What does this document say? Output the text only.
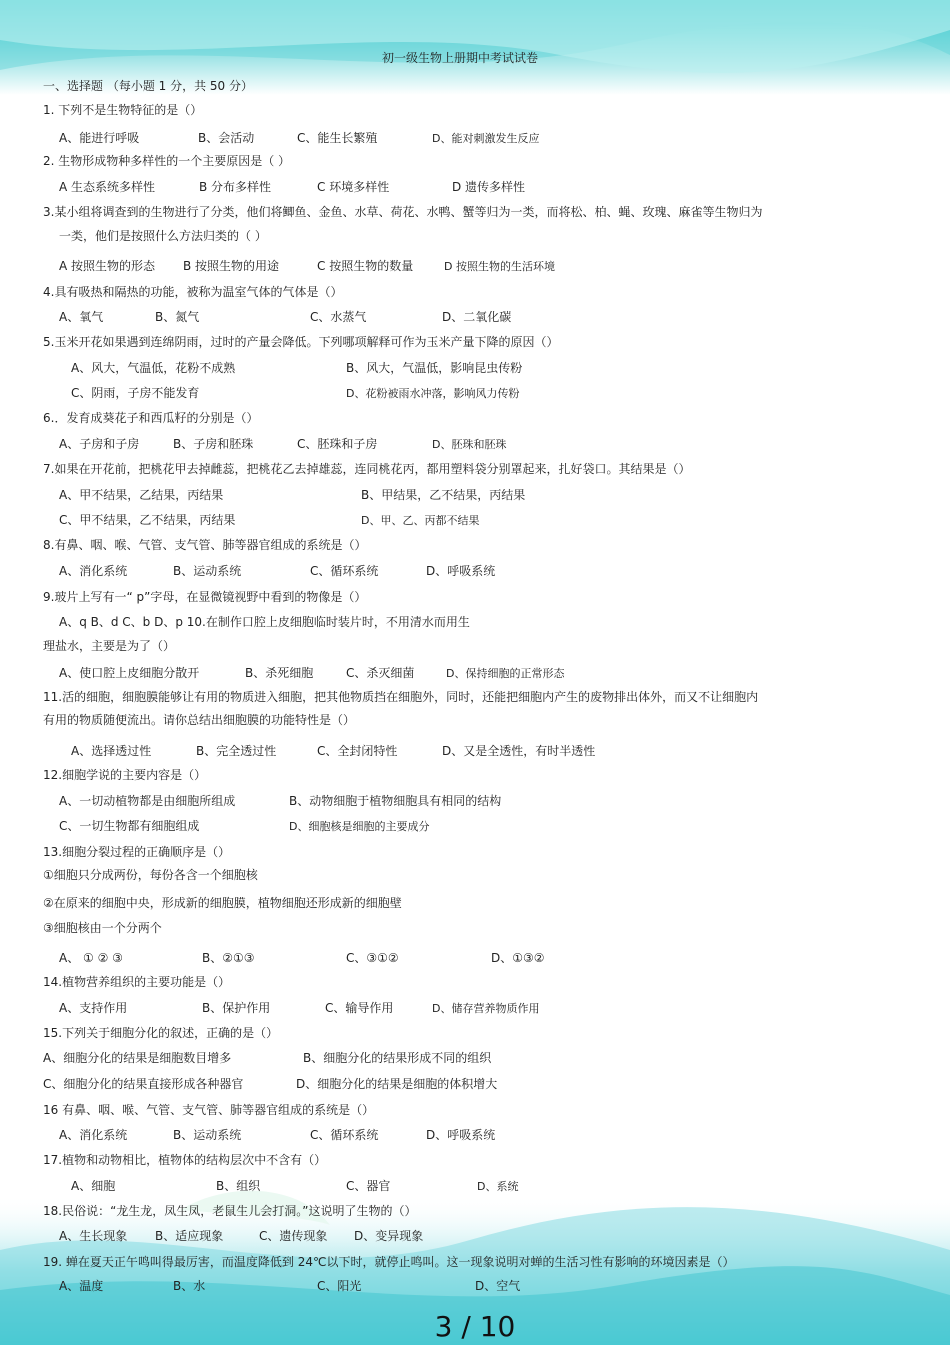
初一级生物上册期中考试试卷
一、选择题 （每小题 1 分，共 50 分）
1. 下列不是生物特征的是（）
A、能进行呼吸	B、会活动	C、能生长繁殖	D、能对刺激发生反应
2. 生物形成物种多样性的一个主要原因是（ ）
A 生态系统多样性	B 分布多样性	C 环境多样性	D 遗传多样性
3.某小组将调查到的生物进行了分类，他们将鲫鱼、金鱼、水草、荷花、水鸭、蟹等归为一类，而将松、柏、蝇、玫瑰、麻雀等生物归为
一类，他们是按照什么方法归类的（ ）
A 按照生物的形态 B 按照生物的用途	C 按照生物的数量	D 按照生物的生活环境
4.具有吸热和隔热的功能，被称为温室气体的气体是（）
A、氧气	B、氮气	C、水蒸气	D、二氧化碳
5.玉米开花如果遇到连绵阴雨，过时的产量会降低。下列哪项解释可作为玉米产量下降的原因（）
A、风大，气温低，花粉不成熟	B、风大，气温低，影响昆虫传粉
C、阴雨，子房不能发育	D、花粉被雨水冲落，影响风力传粉
6.．发育成葵花子和西瓜籽的分别是（）
A、子房和子房	B、子房和胚珠	C、胚珠和子房	D、胚珠和胚珠
7.如果在开花前，把桃花甲去掉雌蕊，把桃花乙去掉雄蕊，连同桃花丙，都用塑料袋分别罩起来，扎好袋口。其结果是（）
A、甲不结果，乙结果，丙结果	B、甲结果，乙不结果，丙结果
C、甲不结果，乙不结果，丙结果	D、甲、乙、丙都不结果
8.有鼻、咽、喉、气管、支气管、肺等器官组成的系统是（）
A、消化系统	B、运动系统	C、循环系统	D、呼吸系统
9.玻片上写有一“ p”字母，在显微镜视野中看到的物像是（）
A、q B、d C、b D、p 10.在制作口腔上皮细胞临时装片时，不用清水而用生
理盐水，主要是为了（）
A、使口腔上皮细胞分散开	B、杀死细胞	C、杀灭细菌	D、保持细胞的正常形态
11.活的细胞，细胞膜能够让有用的物质进入细胞，把其他物质挡在细胞外，同时，还能把细胞内产生的废物排出体外，而又不让细胞内
有用的物质随便流出。请你总结出细胞膜的功能特性是（）
A、选择透过性	B、完全透过性	C、全封闭特性	D、又是全透性，有时半透性
12.细胞学说的主要内容是（）
A、一切动植物都是由细胞所组成	B、动物细胞于植物细胞具有相同的结构
C、一切生物都有细胞组成	D、细胞核是细胞的主要成分
13.细胞分裂过程的正确顺序是（）
①细胞只分成两份，每份各含一个细胞核
②在原来的细胞中央，形成新的细胞膜，植物细胞还形成新的细胞壁
③细胞核由一个分两个
A、 ① ② ③	B、②①③	C、③①②	D、①③②
14.植物营养组织的主要功能是（）
A、支持作用	B、保护作用	C、输导作用	D、储存营养物质作用
15.下列关于细胞分化的叙述，正确的是（）
A、细胞分化的结果是细胞数目增多	B、细胞分化的结果形成不同的组织
C、细胞分化的结果直接形成各种器官	D、细胞分化的结果是细胞的体积增大
16 有鼻、咽、喉、气管、支气管、肺等器官组成的系统是（）
A、消化系统	B、运动系统	C、循环系统	D、呼吸系统
17.植物和动物相比，植物体的结构层次中不含有（）
A、细胞	B、组织	C、器官	D、系统
18.民俗说：“龙生龙，凤生凤，老鼠生儿会打洞。”这说明了生物的（）
A、生长现象 B、适应现象	C、遗传现象 D、变异现象
19. 蝉在夏天正午鸣叫得最厉害，而温度降低到 24℃以下时，就停止鸣叫。这一现象说明对蝉的生活习性有影响的环境因素是（）
A、温度	B、水	C、阳光	D、空气
3 / 10
